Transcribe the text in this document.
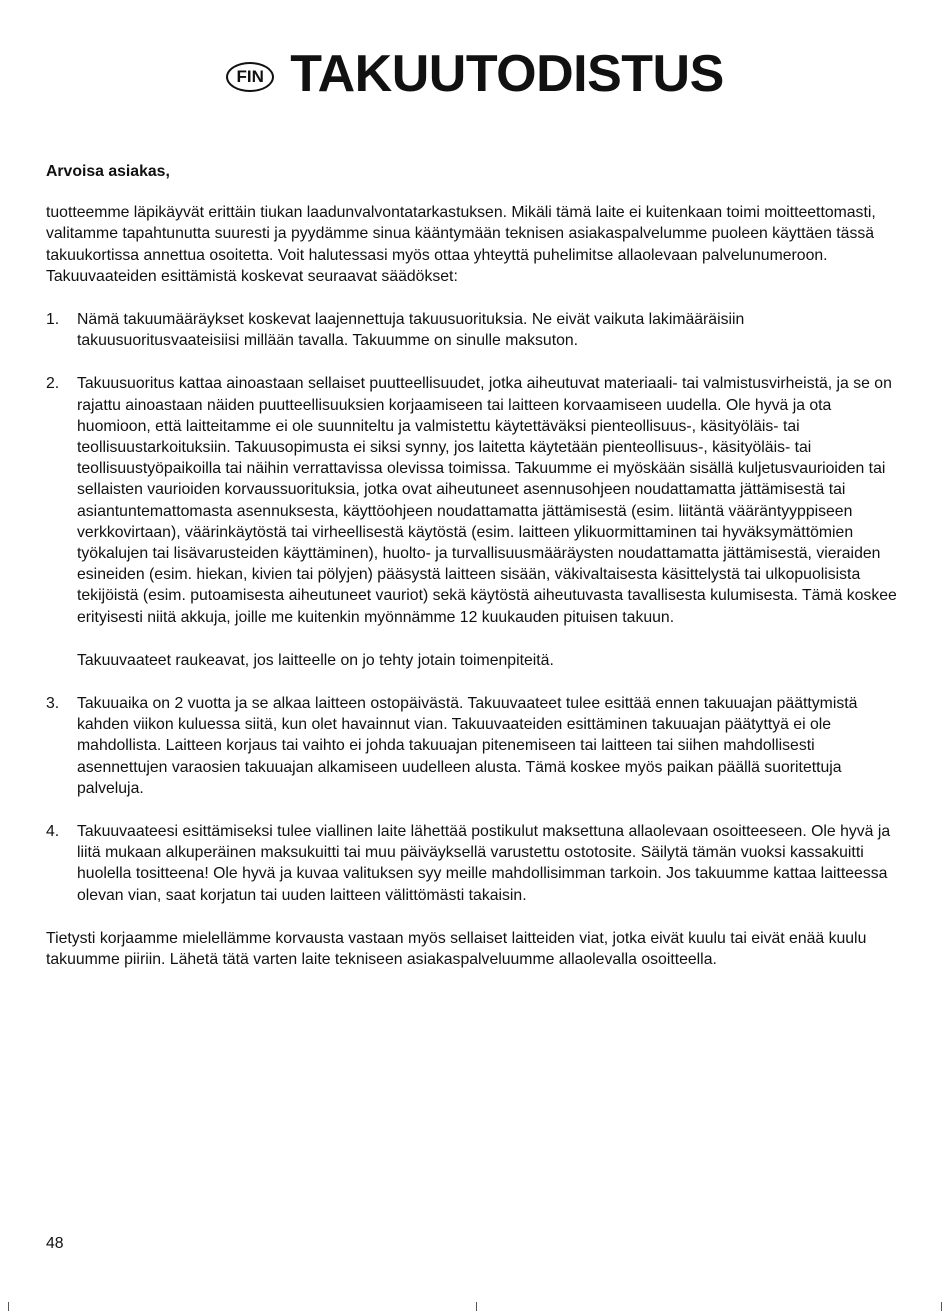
FIN TAKUUTODISTUS

Arvoisa asiakas,

tuotteemme läpikäyvät erittäin tiukan laadunvalvontatarkastuksen. Mikäli tämä laite ei kuitenkaan toimi moitteettomasti, valitamme tapahtunutta suuresti ja pyydämme sinua kääntymään teknisen asiakaspalvelumme puoleen käyttäen tässä takuukortissa annettua osoitetta. Voit halutessasi myös ottaa yhteyttä puhelimitse allaolevaan palvelunumeroon. Takuuvaateiden esittämistä koskevat seuraavat säädökset:

1. Nämä takuumääräykset koskevat laajennettuja takuusuorituksia. Ne eivät vaikuta lakimääräisiin takuusuoritusvaateisiisi millään tavalla. Takuumme on sinulle maksuton.
2. Takuusuoritus kattaa ainoastaan sellaiset puutteellisuudet, jotka aiheutuvat materiaali- tai valmistusvirheistä, ja se on rajattu ainoastaan näiden puutteellisuuksien korjaamiseen tai laitteen korvaamiseen uudella. Ole hyvä ja ota huomioon, että laitteitamme ei ole suunniteltu ja valmistettu käytettäväksi pienteollisuus-, käsityöläis- tai teollisuustarkoituksiin. Takuusopimusta ei siksi synny, jos laitetta käytetään pienteollisuus-, käsityöläis- tai teollisuustyöpaikoilla tai näihin verrattavissa olevissa toimissa. Takuumme ei myöskään sisällä kuljetusvaurioiden tai sellaisten vaurioiden korvaussuorituksia, jotka ovat aiheutuneet asennusohjeen noudattamatta jättämisestä tai asiantuntemattomasta asennuksesta, käyttöohjeen noudattamatta jättämisestä (esim. liitäntä vääräntyyppiseen verkkovirtaan), väärinkäytöstä tai virheellisestä käytöstä (esim. laitteen ylikuormittaminen tai hyväksymättömien työkalujen tai lisävarusteiden käyttäminen), huolto- ja turvallisuusmääräysten noudattamatta jättämisestä, vieraiden esineiden (esim. hiekan, kivien tai pölyjen) pääsystä laitteen sisään, väkivaltaisesta käsittelystä tai ulkopuolisista tekijöistä (esim. putoamisesta aiheutuneet vauriot) sekä käytöstä aiheutuvasta tavallisesta kulumisesta. Tämä koskee erityisesti niitä akkuja, joille me kuitenkin myönnämme 12 kuukauden pituisen takuun.
Takuuvaateet raukeavat, jos laitteelle on jo tehty jotain toimenpiteitä.
3. Takuuaika on 2 vuotta ja se alkaa laitteen ostopäivästä. Takuuvaateet tulee esittää ennen takuuajan päättymistä kahden viikon kuluessa siitä, kun olet havainnut vian. Takuuvaateiden esittäminen takuuajan päätyttyä ei ole mahdollista. Laitteen korjaus tai vaihto ei johda takuuajan pitenemiseen tai laitteen tai siihen mahdollisesti asennettujen varaosien takuuajan alkamiseen uudelleen alusta. Tämä koskee myös paikan päällä suoritettuja palveluja.
4. Takuuvaateesi esittämiseksi tulee viallinen laite lähettää postikulut maksettuna allaolevaan osoitteeseen. Ole hyvä ja liitä mukaan alkuperäinen maksukuitti tai muu päiväyksellä varustettu ostotosite. Säilytä tämän vuoksi kassakuitti huolella tositteena! Ole hyvä ja kuvaa valituksen syy meille mahdollisimman tarkoin. Jos takuumme kattaa laitteessa olevan vian, saat korjatun tai uuden laitteen välittömästi takaisin.

Tietysti korjaamme mielellämme korvausta vastaan myös sellaiset laitteiden viat, jotka eivät kuulu tai eivät enää kuulu takuumme piiriin. Lähetä tätä varten laite tekniseen asiakaspalveluumme allaolevalla osoitteella.

48
